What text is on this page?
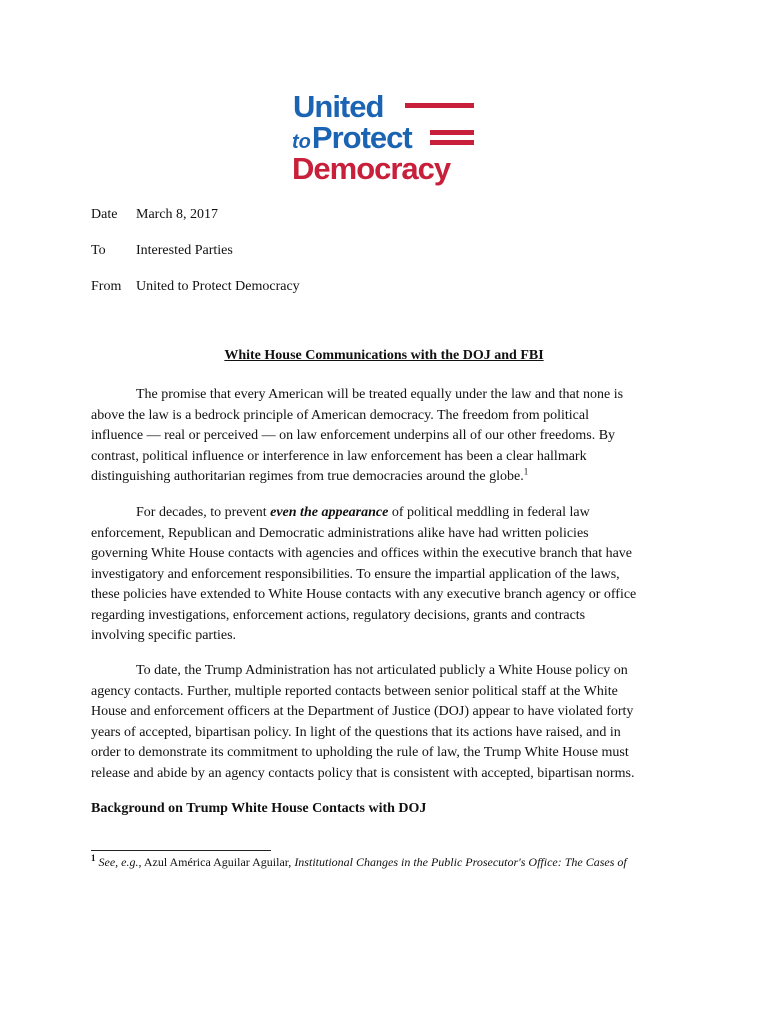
United
toProtect
Democracy
Date March 8, 2017
To Interested Parties
From United to Protect Democracy
White House Communications with the DOJ and FBI
The promise that every American will be treated equally under the law and that none is
above the law is a bedrock principle of American democracy. The freedom from political
influence — real or perceived — on law enforcement underpins all of our other freedoms. By
contrast, political influence or interference in law enforcement has been a clear hallmark
distinguishing authoritarian regimes from true democracies around the globe.$^1$
For decades, to prevent even the appearance of political meddling in federal law
enforcement, Republican and Democratic administrations alike have had written policies
governing White House contacts with agencies and offices within the executive branch that have
investigatory and enforcement responsibilities. To ensure the impartial application of the laws,
these policies have extended to White House contacts with any executive branch agency or office
regarding investigations, enforcement actions, regulatory decisions, grants and contracts
involving specific parties.
To date, the Trump Administration has not articulated publicly a White House policy on
agency contacts. Further, multiple reported contacts between senior political staff at the White
House and enforcement officers at the Department of Justice (DOJ) appear to have violated forty
years of accepted, bipartisan policy. In light of the questions that its actions have raised, and in
order to demonstrate its commitment to upholding the rule of law, the Trump White House must
release and abide by an agency contacts policy that is consistent with accepted, bipartisan norms.
Background on Trump White House Contacts with DOJ
$^1$ See, e.g., Azul América Aguilar Aguilar, Institutional Changes in the Public Prosecutor's Office: The Cases of
